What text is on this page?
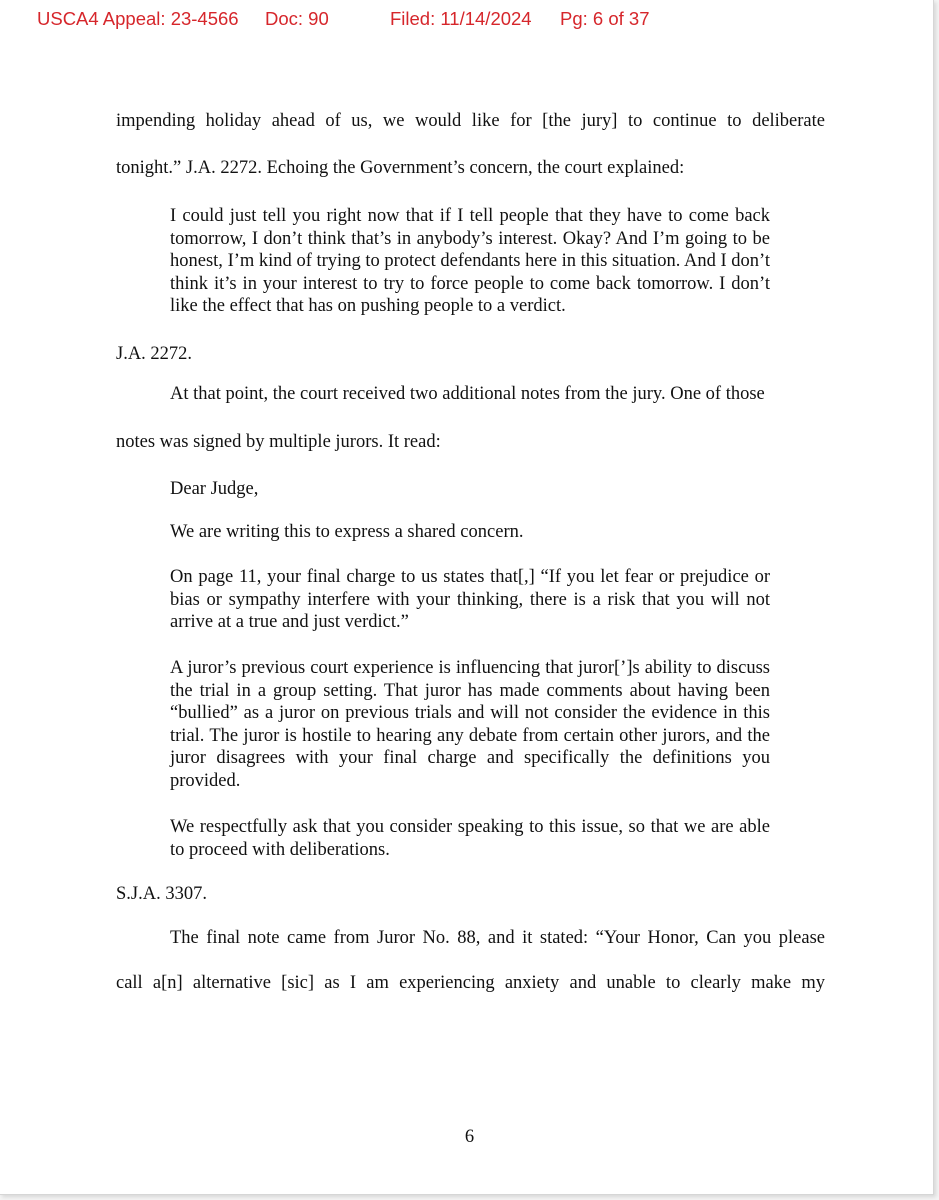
USCA4 Appeal: 23-4566 Doc: 90	Filed: 11/14/2024 Pg: 6 of 37
impending holiday ahead of us, we would like for [the jury] to continue to deliberate
tonight.” J.A. 2272. Echoing the Government’s concern, the court explained:
I could just tell you right now that if I tell people that they have to come back tomorrow, I don’t think that’s in anybody’s interest. Okay? And I’m going to be honest, I’m kind of trying to protect defendants here in this situation. And I don’t think it’s in your interest to try to force people to come back tomorrow. I don’t like the effect that has on pushing people to a verdict.
J.A. 2272.
At that point, the court received two additional notes from the jury. One of those
notes was signed by multiple jurors. It read:
Dear Judge,
We are writing this to express a shared concern.
On page 11, your final charge to us states that[,] “If you let fear or prejudice or bias or sympathy interfere with your thinking, there is a risk that you will not arrive at a true and just verdict.”
A juror’s previous court experience is influencing that juror[’]s ability to discuss the trial in a group setting. That juror has made comments about having been “bullied” as a juror on previous trials and will not consider the evidence in this trial. The juror is hostile to hearing any debate from certain other jurors, and the juror disagrees with your final charge and specifically the definitions you provided.
We respectfully ask that you consider speaking to this issue, so that we are able to proceed with deliberations.
S.J.A. 3307.
The final note came from Juror No. 88, and it stated: “Your Honor, Can you please
call a[n] alternative [sic] as I am experiencing anxiety and unable to clearly make my
6
